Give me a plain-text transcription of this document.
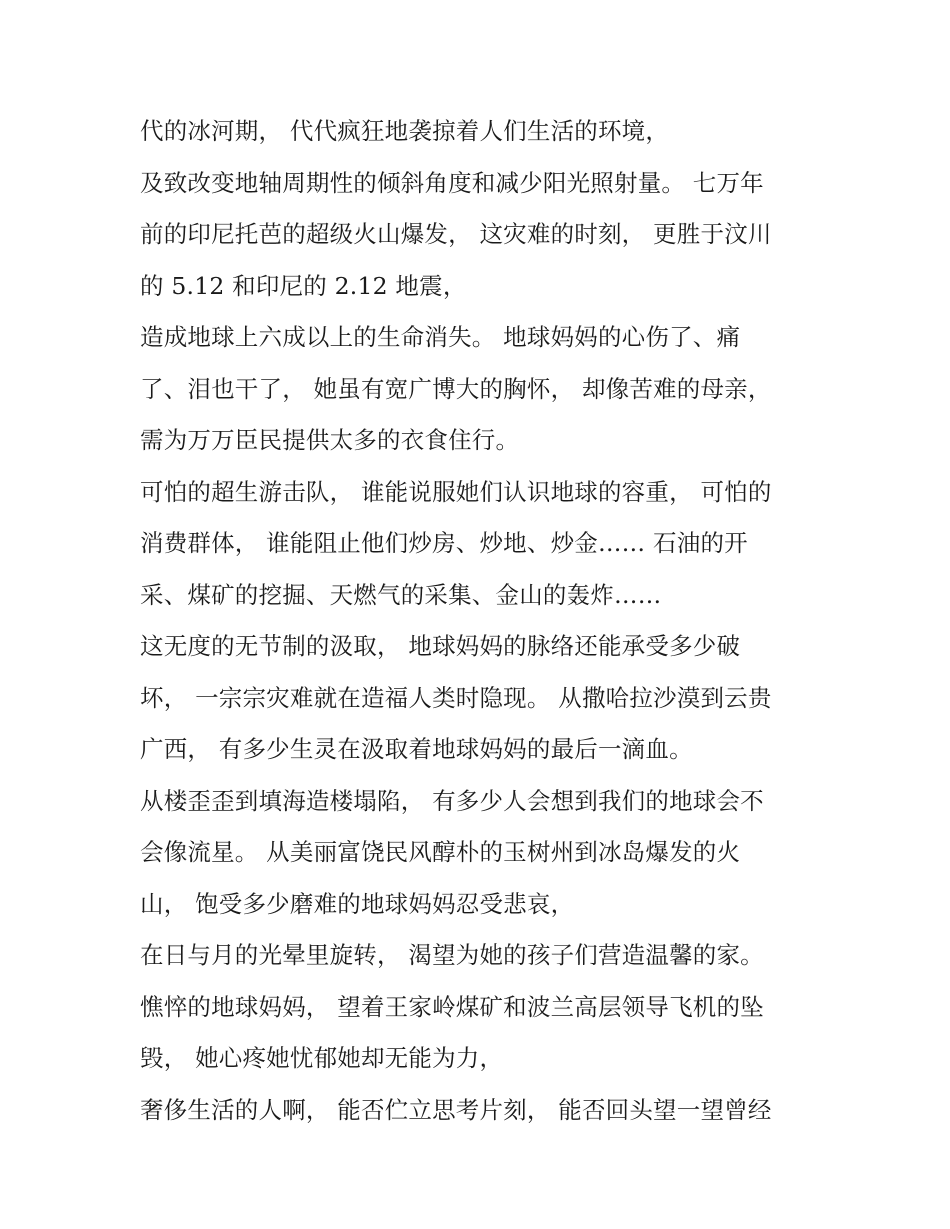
代的冰河期， 代代疯狂地袭掠着人们生活的环境，
及致改变地轴周期性的倾斜角度和减少阳光照射量。 七万年
前的印尼托芭的超级火山爆发， 这灾难的时刻， 更胜于汶川
的 5.12 和印尼的 2.12 地震，
造成地球上六成以上的生命消失。 地球妈妈的心伤了、痛
了、泪也干了， 她虽有宽广博大的胸怀， 却像苦难的母亲，
需为万万臣民提供太多的衣食住行。
可怕的超生游击队， 谁能说服她们认识地球的容重， 可怕的
消费群体， 谁能阻止他们炒房、炒地、炒金…… 石油的开
采、煤矿的挖掘、天燃气的采集、金山的轰炸……
这无度的无节制的汲取， 地球妈妈的脉络还能承受多少破
坏， 一宗宗灾难就在造福人类时隐现。 从撒哈拉沙漠到云贵
广西， 有多少生灵在汲取着地球妈妈的最后一滴血。
从楼歪歪到填海造楼塌陷， 有多少人会想到我们的地球会不
会像流星。 从美丽富饶民风醇朴的玉树州到冰岛爆发的火
山， 饱受多少磨难的地球妈妈忍受悲哀，
在日与月的光晕里旋转， 渴望为她的孩子们营造温馨的家。
憔悴的地球妈妈， 望着王家岭煤矿和波兰高层领导飞机的坠
毁， 她心疼她忧郁她却无能为力，
奢侈生活的人啊， 能否伫立思考片刻， 能否回头望一望曾经
